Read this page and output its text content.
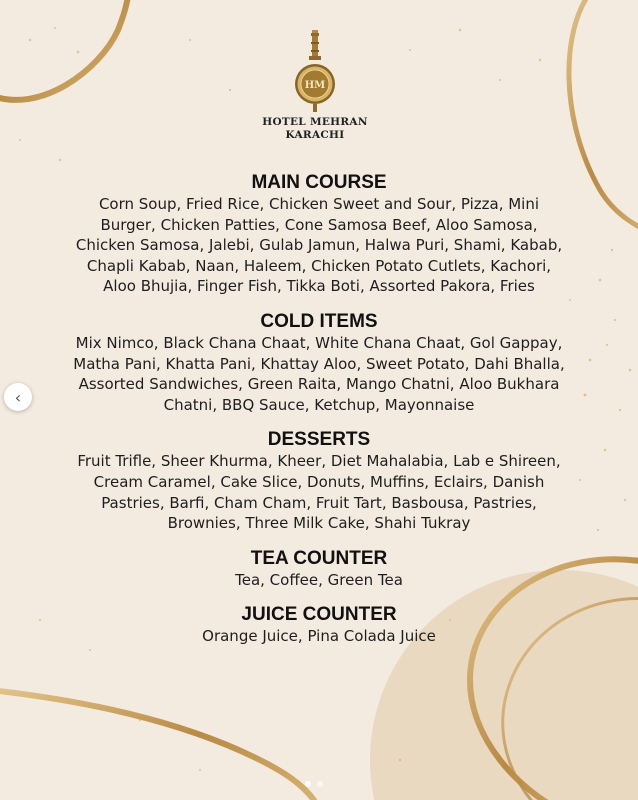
HM
HOTEL MEHRAN
KARACHI
MAIN COURSE
Corn Soup, Fried Rice, Chicken Sweet and Sour, Pizza, Mini
Burger, Chicken Patties, Cone Samosa Beef, Aloo Samosa,
Chicken Samosa, Jalebi, Gulab Jamun, Halwa Puri, Shami, Kabab,
Chapli Kabab, Naan, Haleem, Chicken Potato Cutlets, Kachori,
Aloo Bhujia, Finger Fish, Tikka Boti, Assorted Pakora, Fries
COLD ITEMS
Mix Nimco, Black Chana Chaat, White Chana Chaat, Gol Gappay,
Matha Pani, Khatta Pani, Khattay Aloo, Sweet Potato, Dahi Bhalla,
Assorted Sandwiches, Green Raita, Mango Chatni, Aloo Bukhara
Chatni, BBQ Sauce, Ketchup, Mayonnaise
DESSERTS
Fruit Trifle, Sheer Khurma, Kheer, Diet Mahalabia, Lab e Shireen,
Cream Caramel, Cake Slice, Donuts, Muffins, Eclairs, Danish
Pastries, Barfi, Cham Cham, Fruit Tart, Basbousa, Pastries,
Brownies, Three Milk Cake, Shahi Tukray
TEA COUNTER
Tea, Coffee, Green Tea
JUICE COUNTER
Orange Juice, Pina Colada Juice
‹
